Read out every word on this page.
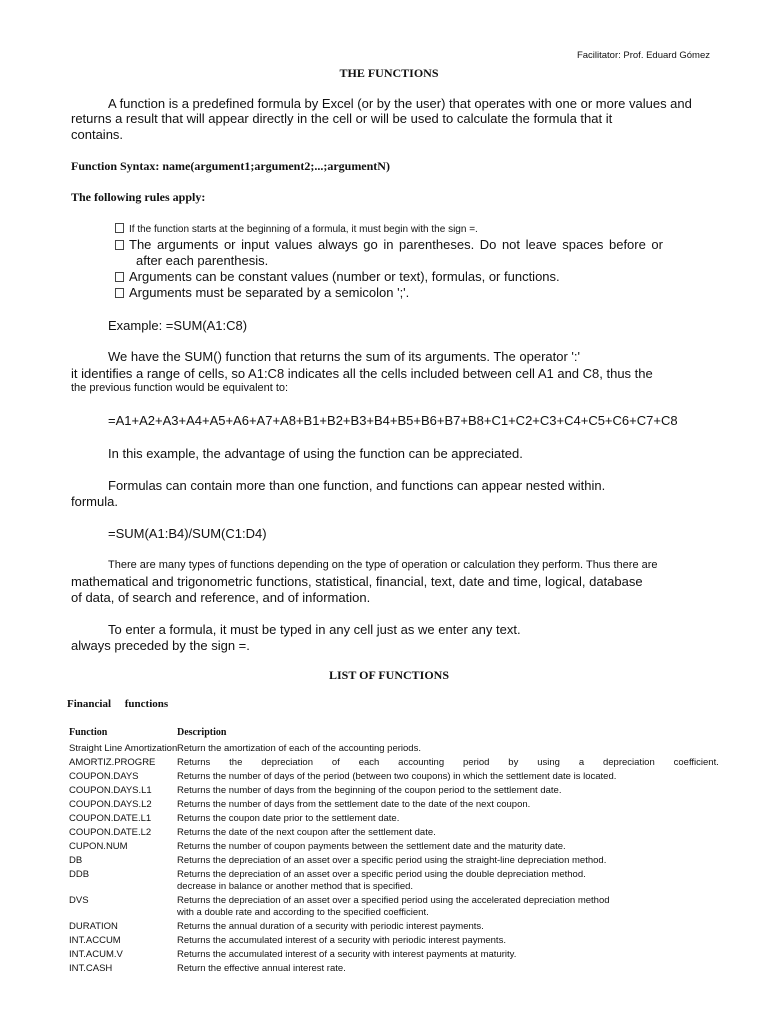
Facilitator: Prof. Eduard Gómez
THE FUNCTIONS
A function is a predefined formula by Excel (or by the user) that operates with one or more values and
returns a result that will appear directly in the cell or will be used to calculate the formula that it
contains.
Function Syntax: name(argument1;argument2;...;argumentN)
The following rules apply:
If the function starts at the beginning of a formula, it must begin with the sign =.
The arguments or input values always go in parentheses. Do not leave spaces before or
after each parenthesis.
Arguments can be constant values (number or text), formulas, or functions.
Arguments must be separated by a semicolon ';'.
Example: =SUM(A1:C8)
We have the SUM() function that returns the sum of its arguments. The operator ':'
it identifies a range of cells, so A1:C8 indicates all the cells included between cell A1 and C8, thus the
the previous function would be equivalent to:
=A1+A2+A3+A4+A5+A6+A7+A8+B1+B2+B3+B4+B5+B6+B7+B8+C1+C2+C3+C4+C5+C6+C7+C8
In this example, the advantage of using the function can be appreciated.
Formulas can contain more than one function, and functions can appear nested within.
formula.
=SUM(A1:B4)/SUM(C1:D4)
There are many types of functions depending on the type of operation or calculation they perform. Thus there are
mathematical and trigonometric functions, statistical, financial, text, date and time, logical, database
of data, of search and reference, and of information.
To enter a formula, it must be typed in any cell just as we enter any text.
always preceded by the sign =.
LIST OF FUNCTIONS
Financial     functions
Function	Description
Straight Line Amortization Return the amortization of each of the accounting periods.
AMORTIZ.PROGRE Returns the depreciation of each accounting period by using a depreciation coefficient.
COUPON.DAYS	Returns the number of days of the period (between two coupons) in which the settlement date is located.
COUPON.DAYS.L1	Returns the number of days from the beginning of the coupon period to the settlement date.
COUPON.DAYS.L2	Returns the number of days from the settlement date to the date of the next coupon.
COUPON.DATE.L1	Returns the coupon date prior to the settlement date.
COUPON.DATE.L2	Returns the date of the next coupon after the settlement date.
CUPON.NUM	Returns the number of coupon payments between the settlement date and the maturity date.
DB	Returns the depreciation of an asset over a specific period using the straight-line depreciation method.
DDB	Returns the depreciation of an asset over a specific period using the double depreciation method.
decrease in balance or another method that is specified.
DVS	Returns the depreciation of an asset over a specified period using the accelerated depreciation method
with a double rate and according to the specified coefficient.
DURATION	Returns the annual duration of a security with periodic interest payments.
INT.ACCUM	Returns the accumulated interest of a security with periodic interest payments.
INT.ACUM.V	Returns the accumulated interest of a security with interest payments at maturity.
INT.CASH	Return the effective annual interest rate.
